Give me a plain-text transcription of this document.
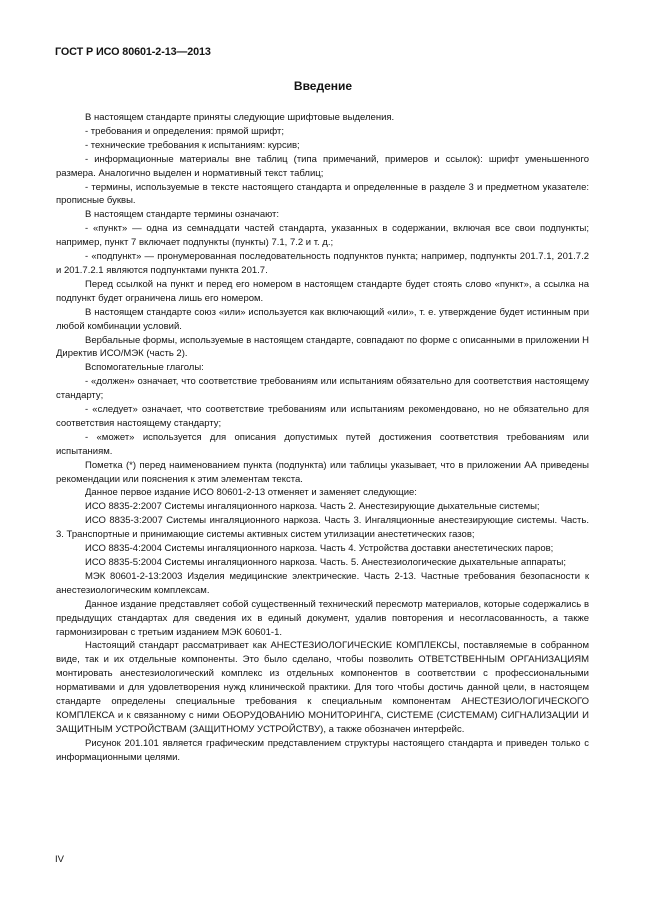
ГОСТ Р ИСО 80601-2-13—2013
Введение

В настоящем стандарте приняты следующие шрифтовые выделения.

- требования и определения: прямой шрифт;

- технические требования к испытаниям: курсив;

- информационные материалы вне таблиц (типа примечаний, примеров и ссылок): шрифт уменьшенного размера. Аналогично выделен и нормативный текст таблиц;

- термины, используемые в тексте настоящего стандарта и определенные в разделе 3 и предметном указателе: прописные буквы.

В настоящем стандарте термины означают:

- «пункт» — одна из семнадцати частей стандарта, указанных в содержании, включая все свои подпункты; например, пункт 7 включает подпункты (пункты) 7.1, 7.2 и т. д.;

- «подпункт» — пронумерованная последовательность подпунктов пункта; например, подпункты 201.7.1, 201.7.2 и 201.7.2.1 являются подпунктами пункта 201.7.

Перед ссылкой на пункт и перед его номером в настоящем стандарте будет стоять слово «пункт», а ссылка на подпункт будет ограничена лишь его номером.

В настоящем стандарте союз «или» используется как включающий «или», т. е. утверждение будет истинным при любой комбинации условий.

Вербальные формы, используемые в настоящем стандарте, совпадают по форме с описанными в приложении Н Директив ИСО/МЭК (часть 2).

Вспомогательные глаголы:

- «должен» означает, что соответствие требованиям или испытаниям обязательно для соответствия настоящему стандарту;

- «следует» означает, что соответствие требованиям или испытаниям рекомендовано, но не обязательно для соответствия настоящему стандарту;

- «может» используется для описания допустимых путей достижения соответствия требованиям или испытаниям.

Пометка (*) перед наименованием пункта (подпункта) или таблицы указывает, что в приложении АА приведены рекомендации или пояснения к этим элементам текста.

Данное первое издание ИСО 80601-2-13 отменяет и заменяет следующие:

ИСО 8835-2:2007 Системы ингаляционного наркоза. Часть 2. Анестезирующие дыхательные системы;

ИСО 8835-3:2007 Системы ингаляционного наркоза. Часть 3. Ингаляционные анестезирующие системы. Часть. 3. Транспортные и принимающие системы активных систем утилизации анестетических газов;

ИСО 8835-4:2004 Системы ингаляционного наркоза. Часть 4. Устройства доставки анестетических паров;

ИСО 8835-5:2004 Системы ингаляционного наркоза. Часть. 5. Анестезиологические дыхательные аппараты;

МЭК 80601-2-13:2003 Изделия медицинские электрические. Часть 2-13. Частные требования безопасности к анестезиологическим комплексам.

Данное издание представляет собой существенный технический пересмотр материалов, которые содержались в предыдущих стандартах для сведения их в единый документ, удалив повторения и несогласованность, а также гармонизирован с третьим изданием МЭК 60601-1.

Настоящий стандарт рассматривает как АНЕСТЕЗИОЛОГИЧЕСКИЕ КОМПЛЕКСЫ, поставляемые в собранном виде, так и их отдельные компоненты. Это было сделано, чтобы позволить ОТВЕТСТВЕННЫМ ОРГАНИЗАЦИЯМ монтировать анестезиологический комплекс из отдельных компонентов в соответствии с профессиональными нормативами и для удовлетворения нужд клинической практики. Для того чтобы достичь данной цели, в настоящем стандарте определены специальные требования к специальным компонентам АНЕСТЕЗИОЛОГИЧЕСКОГО КОМПЛЕКСА и к связанному с ними ОБОРУДОВАНИЮ МОНИТОРИНГА, СИСТЕМЕ (СИСТЕМАМ) СИГНАЛИЗАЦИИ И ЗАЩИТНЫМ УСТРОЙСТВАМ (ЗАЩИТНОМУ УСТРОЙСТВУ), а также обозначен интерфейс.

Рисунок 201.101 является графическим представлением структуры настоящего стандарта и приведен только с информационными целями.

IV
